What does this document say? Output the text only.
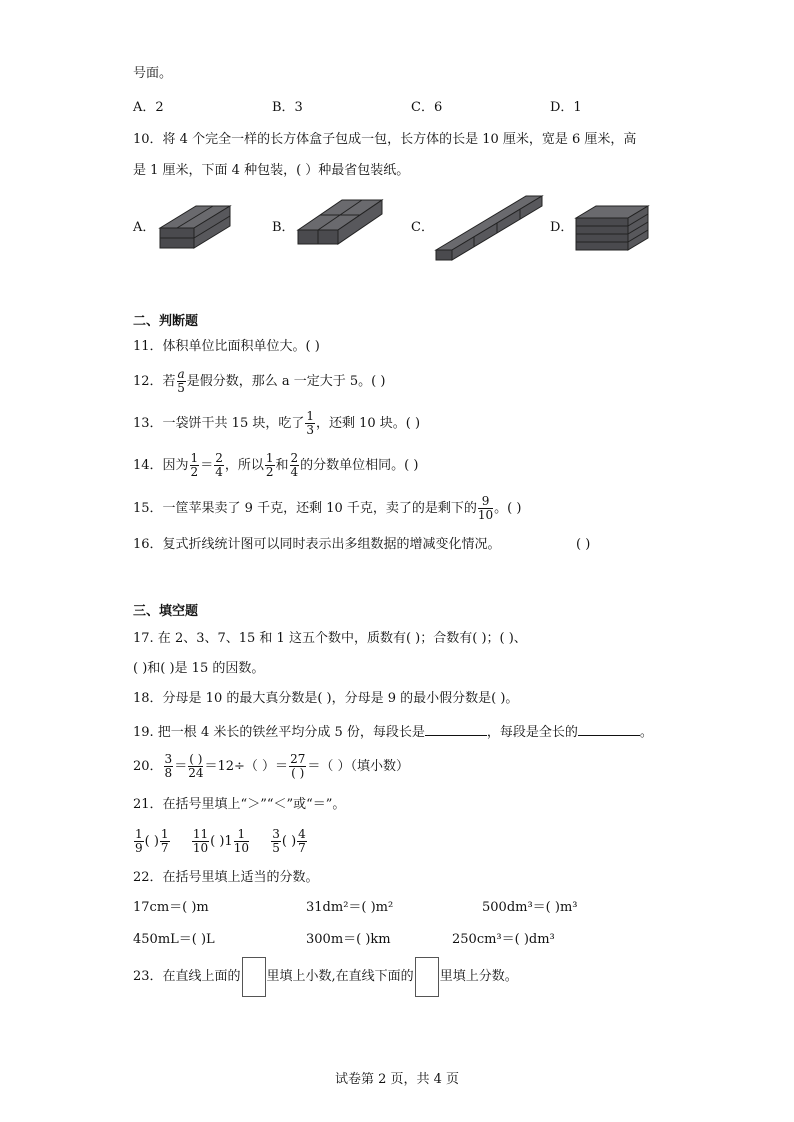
号面。
A．2	B．3	C．6	D．1
10．将 4 个完全一样的长方体盒子包成一包，长方体的长是 10 厘米，宽是 6 厘米，高
是 1 厘米，下面 4 种包装，( ）种最省包装纸。
A．	B．	C．	D．
二、判断题
11．体积单位比面积单位大。( )
12．若 $\frac{a}{5}$ 是假分数，那么 a 一定大于 5。( )
13．一袋饼干共 15 块，吃了 $\frac{1}{3}$ ，还剩 10 块。( )
14．因为 $\frac{1}{2} = \frac{2}{4}$ ，所以 $\frac{1}{2}$ 和 $\frac{2}{4}$ 的分数单位相同。( )
15．一筐苹果卖了 9 千克，还剩 10 千克，卖了的是剩下的 $\frac{9}{10}$ 。( )
16．复式折线统计图可以同时表示出多组数据的增减变化情况。	( )
三、填空题
17. 在 2、3、7、15 和 1 这五个数中，质数有( )；合数有( )；( )、
( )和( )是 15 的因数。
18．分母是 10 的最大真分数是( )，分母是 9 的最小假分数是( )。
19. 把一根 4 米长的铁丝平均分成 5 份，每段长是	，每段是全长的	。
20． $\frac{3}{8} = \frac{( )}{24} =12\div$（ ）＝ $\frac{27}{( )}$ ＝（ ）（填小数）
21．在括号里填上“＞”“＜”或“＝”。
$\frac{1}{9}$ ( ) $\frac{1}{7}$
$\frac{11}{10}$ ( )$1 \frac{1}{10}$
$\frac{3}{5}$ ( ) $\frac{4}{7}$
22．在括号里填上适当的分数。
17cm＝( )m	31dm²＝( )m²	500dm³＝( )m³
450mL＝( )L	300m＝( )km	250cm³＝( )dm³
23．在直线上面的 里填上小数,在直线下面的 里填上分数。
试卷第 2 页，共 4 页
